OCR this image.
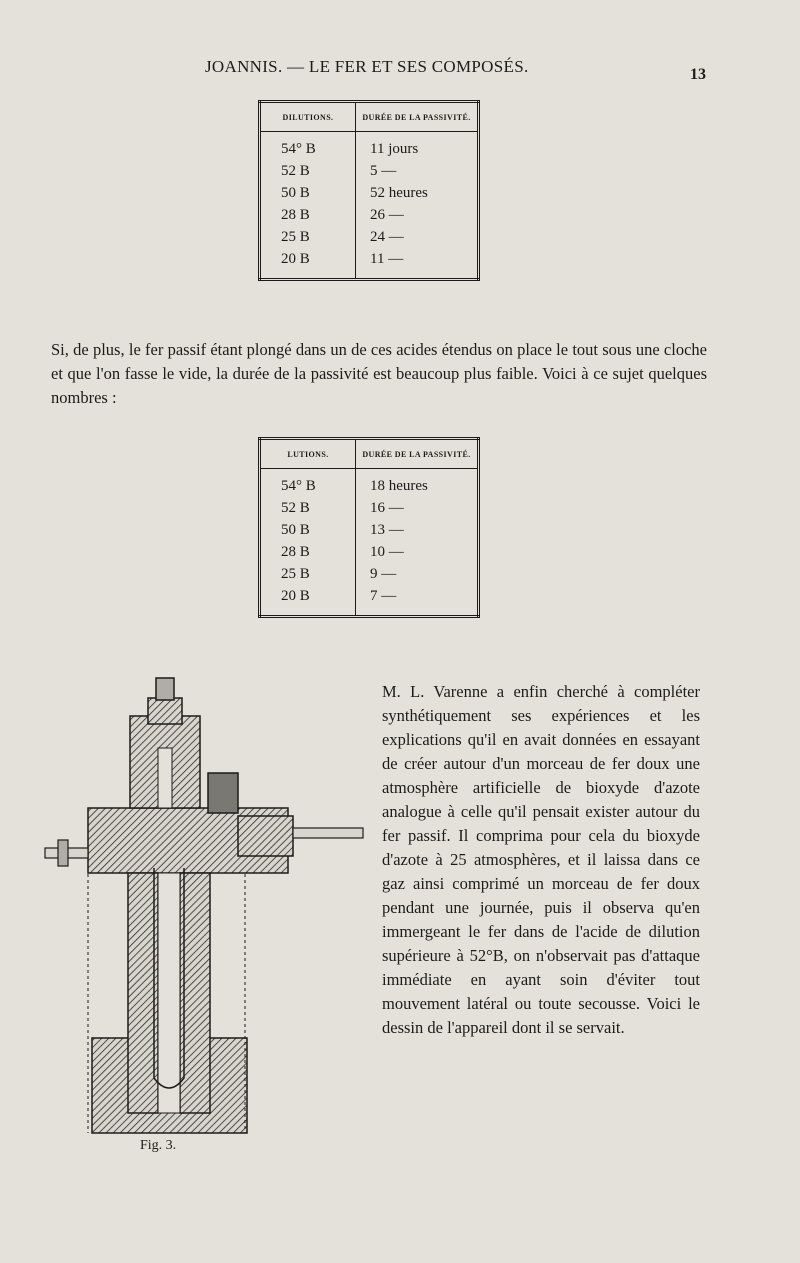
JOANNIS. — LE FER ET SES COMPOSÉS.	13
DILUTIONS.	DURÉE DE LA PASSIVITÉ.
54° B	11 jours
52 B	5 —
50 B	52 heures
28 B	26 —
25 B	24 —
20 B	11 —

Si, de plus, le fer passif étant plongé dans un de ces acides étendus on place le tout sous une cloche et que l'on fasse le vide, la durée de la passivité est beaucoup plus faible. Voici à ce sujet quelques nombres :

LUTIONS.	DURÉE DE LA PASSIVITÉ.
54° B	18 heures
52 B	16 —
50 B	13 —
28 B	10 —
25 B	9 —
20 B	7 —

M. L. Varenne a enfin cherché à compléter synthétiquement ses expériences et les explications qu'il en avait données en essayant de créer autour d'un morceau de fer doux une atmosphère artificielle de bioxyde d'azote analogue à celle qu'il pensait exister autour du fer passif. Il comprima pour cela du bioxyde d'azote à 25 atmosphères, et il laissa dans ce gaz ainsi comprimé un morceau de fer doux pendant une journée, puis il observa qu'en immergeant le fer dans de l'acide de dilution supérieure à 52°B, on n'observait pas d'attaque immédiate en ayant soin d'éviter tout mouvement latéral ou toute secousse. Voici le dessin de l'appareil dont il se servait.

Fig. 3.
